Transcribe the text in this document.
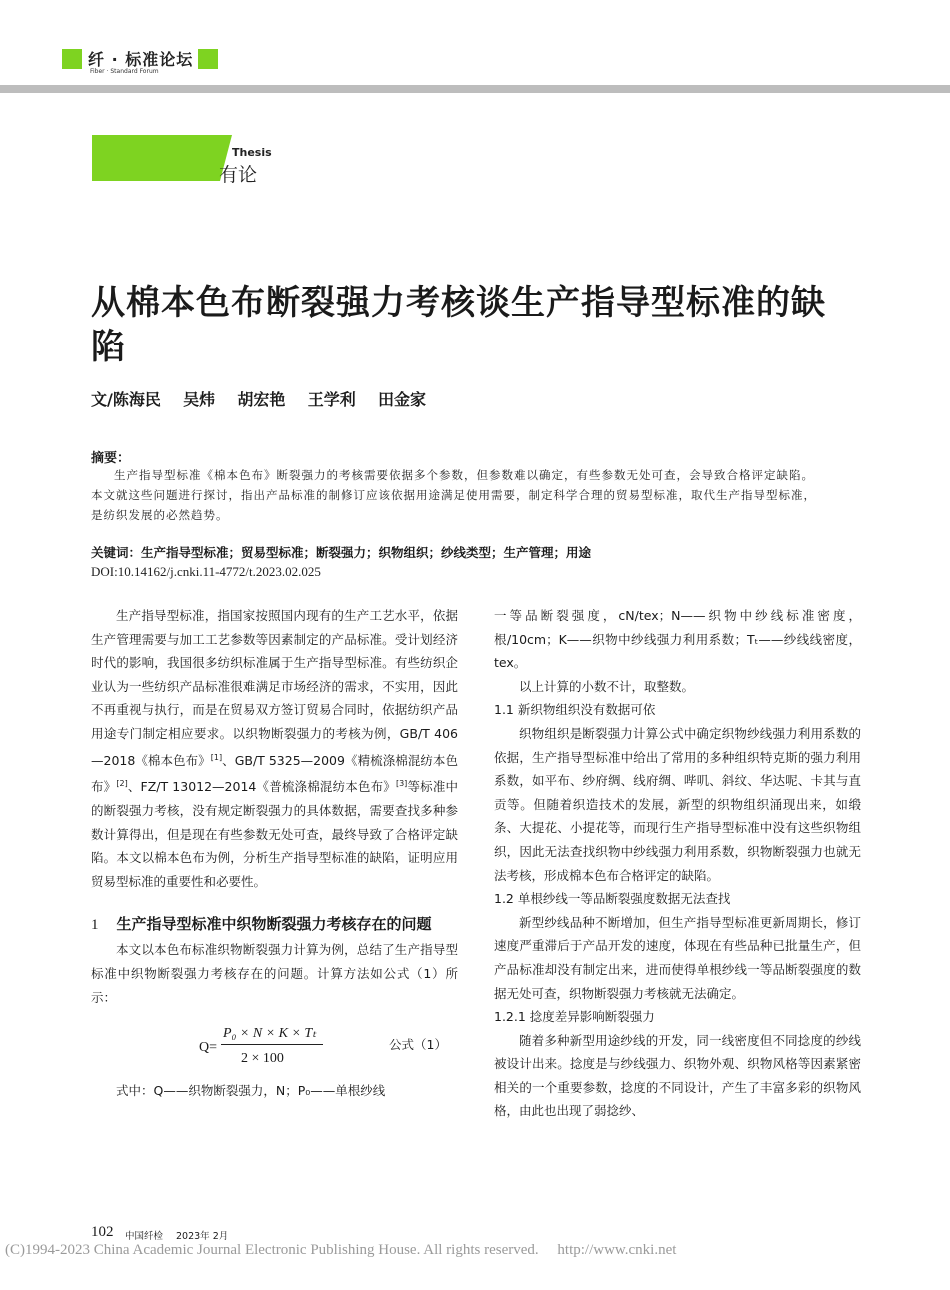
纤 · 标准论坛
Fiber · Standard Forum
Thesis
有论
从棉本色布断裂强力考核谈生产指导型标准的缺陷
文/陈海民    吴炜    胡宏艳    王学利    田金家
摘要：
生产指导型标准《棉本色布》断裂强力的考核需要依据多个参数，但参数难以确定，有些参数无处可查，会导致合格评定缺陷。本文就这些问题进行探讨，指出产品标准的制修订应该依据用途满足使用需要，制定科学合理的贸易型标准，取代生产指导型标准，是纺织发展的必然趋势。
关键词：生产指导型标准；贸易型标准；断裂强力；织物组织；纱线类型；生产管理；用途
DOI:10.14162/j.cnki.11-4772/t.2023.02.025

生产指导型标准，指国家按照国内现有的生产工艺水平，依据生产管理需要与加工工艺参数等因素制定的产品标准。受计划经济时代的影响，我国很多纺织标准属于生产指导型标准。有些纺织企业认为一些纺织产品标准很难满足市场经济的需求，不实用，因此不再重视与执行，而是在贸易双方签订贸易合同时，依据纺织产品用途专门制定相应要求。以织物断裂强力的考核为例，GB/T 406—2018《棉本色布》[1]、GB/T 5325—2009《精梳涤棉混纺本色布》[2]、FZ/T 13012—2014《普梳涤棉混纺本色布》[3]等标准中的断裂强力考核，没有规定断裂强力的具体数据，需要查找多种参数计算得出，但是现在有些参数无处可查，最终导致了合格评定缺陷。本文以棉本色布为例，分析生产指导型标准的缺陷，证明应用贸易型标准的重要性和必要性。

1 生产指导型标准中织物断裂强力考核存在的问题

本文以本色布标准织物断裂强力计算为例，总结了生产指导型标准中织物断裂强力考核存在的问题。计算方法如公式（1）所示：

Q=
P₀ × N × K × Tₜ
2 × 100
公式（1）

式中：Q——织物断裂强力，N；P₀——单根纱线

一等品断裂强度，cN/tex；N——织物中纱线标准密度，根/10cm；K——织物中纱线强力利用系数；Tₜ——纱线线密度，tex。

以上计算的小数不计，取整数。

1.1 新织物组织没有数据可依

织物组织是断裂强力计算公式中确定织物纱线强力利用系数的依据，生产指导型标准中给出了常用的多种组织特克斯的强力利用系数，如平布、纱府绸、线府绸、哔叽、斜纹、华达呢、卡其与直贡等。但随着织造技术的发展，新型的织物组织涌现出来，如缎条、大提花、小提花等，而现行生产指导型标准中没有这些织物组织，因此无法查找织物中纱线强力利用系数，织物断裂强力也就无法考核，形成棉本色布合格评定的缺陷。

1.2 单根纱线一等品断裂强度数据无法查找

新型纱线品种不断增加，但生产指导型标准更新周期长，修订速度严重滞后于产品开发的速度，体现在有些品种已批量生产，但产品标准却没有制定出来，进而使得单根纱线一等品断裂强度的数据无处可查，织物断裂强力考核就无法确定。

1.2.1 捻度差异影响断裂强力

随着多种新型用途纱线的开发，同一线密度但不同捻度的纱线被设计出来。捻度是与纱线强力、织物外观、织物风格等因素紧密相关的一个重要参数，捻度的不同设计，产生了丰富多彩的织物风格，由此也出现了弱捻纱、

102 中国纤检 2023年 2月
(C)1994-2023 China Academic Journal Electronic Publishing House. All rights reserved.     http://www.cnki.net
